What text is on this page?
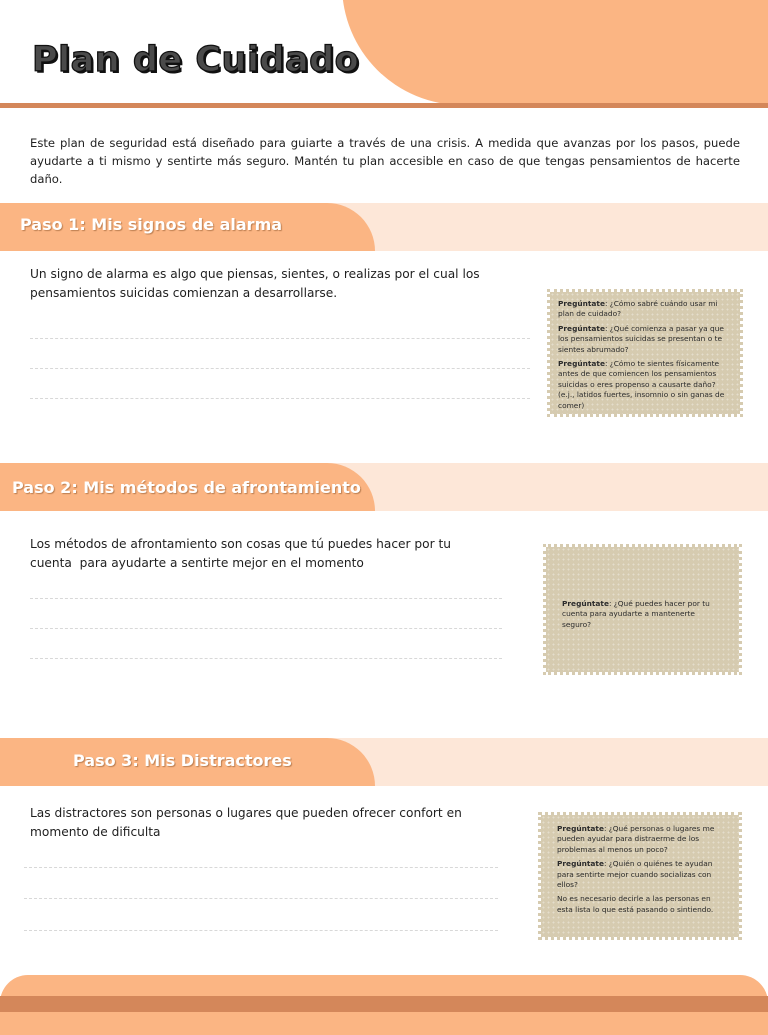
Plan de Cuidado
Este plan de seguridad está diseñado para guiarte a través de una crisis. A medida que avanzas por los pasos, puede ayudarte a ti mismo y sentirte más seguro. Mantén tu plan accesible en caso de que tengas pensamientos de hacerte daño.
Paso 1: Mis signos de alarma
Un signo de alarma es algo que piensas, sientes, o realizas por el cual los pensamientos suicidas comienzan a desarrollarse.

Pregúntate: ¿Cómo sabré cuándo usar mi plan de cuidado?

Pregúntate: ¿Qué comienza a pasar ya que los pensamientos suicidas se presentan o te sientes abrumado?

Pregúntate: ¿Cómo te sientes físicamente antes de que comiencen los pensamientos suicidas o eres propenso a causarte daño? (e.j., latidos fuertes, insomnio o sin ganas de comer)

Paso 2: Mis métodos de afrontamiento
Los métodos de afrontamiento son cosas que tú puedes hacer por tu cuenta  para ayudarte a sentirte mejor en el momento

Pregúntate: ¿Qué puedes hacer por tu cuenta para ayudarte a mantenerte seguro?

Paso 3: Mis Distractores
Las distractores son personas o lugares que pueden ofrecer confort en momento de dificulta	Pregúntate: ¿Qué personas o lugares me pueden ayudar para distraerme de los problemas al menos un poco?

Pregúntate: ¿Quién o quiénes te ayudan para sentirte mejor cuando socializas con ellos?

No es necesario decirle a las personas en esta lista lo que está pasando o sintiendo.
